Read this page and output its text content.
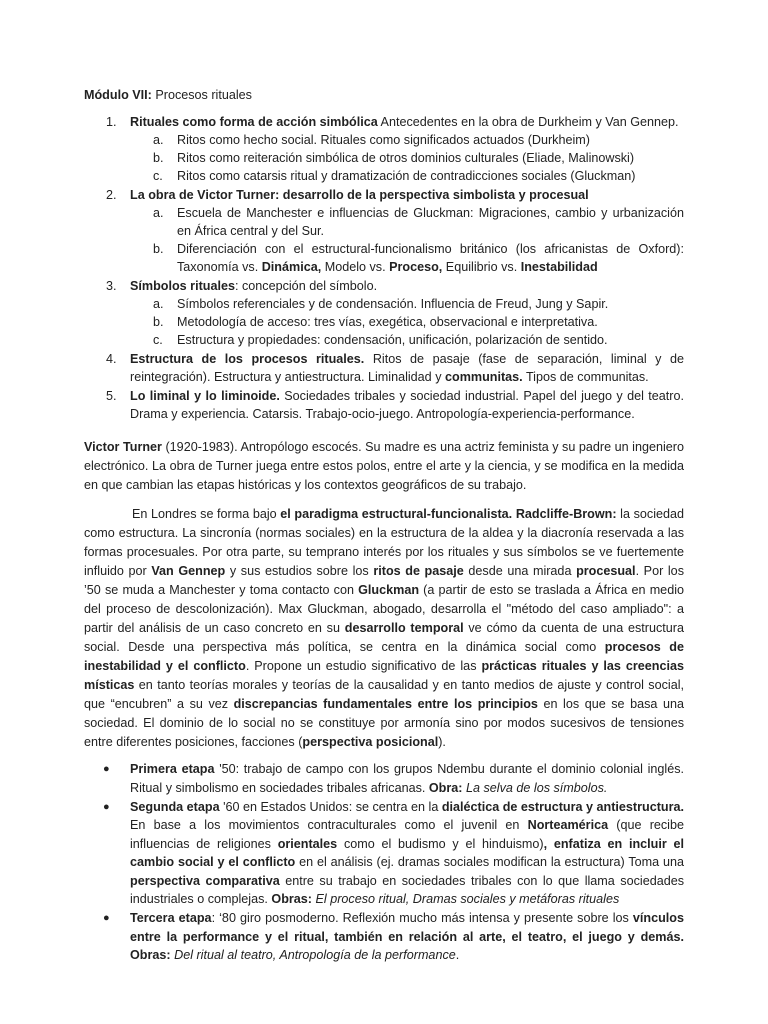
Módulo VII: Procesos rituales

1. Rituales como forma de acción simbólica Antecedentes en la obra de Durkheim y Van Gennep.
a. Ritos como hecho social. Rituales como significados actuados (Durkheim)
b. Ritos como reiteración simbólica de otros dominios culturales (Eliade, Malinowski)
c. Ritos como catarsis ritual y dramatización de contradicciones sociales (Gluckman)
2. La obra de Victor Turner: desarrollo de la perspectiva simbolista y procesual
a. Escuela de Manchester e influencias de Gluckman: Migraciones, cambio y urbanización en África central y del Sur.
b. Diferenciación con el estructural-funcionalismo británico (los africanistas de Oxford): Taxonomía vs. Dinámica, Modelo vs. Proceso, Equilibrio vs. Inestabilidad
3. Símbolos rituales: concepción del símbolo.
a. Símbolos referenciales y de condensación. Influencia de Freud, Jung y Sapir.
b. Metodología de acceso: tres vías, exegética, observacional e interpretativa.
c. Estructura y propiedades: condensación, unificación, polarización de sentido.
4. Estructura de los procesos rituales. Ritos de pasaje (fase de separación, liminal y de reintegración). Estructura y antiestructura. Liminalidad y communitas. Tipos de communitas.
5. Lo liminal y lo liminoide. Sociedades tribales y sociedad industrial. Papel del juego y del teatro. Drama y experiencia. Catarsis. Trabajo-ocio-juego. Antropología-experiencia-performance.

Victor Turner (1920-1983). Antropólogo escocés. Su madre es una actriz feminista y su padre un ingeniero electrónico. La obra de Turner juega entre estos polos, entre el arte y la ciencia, y se modifica en la medida en que cambian las etapas históricas y los contextos geográficos de su trabajo.

En Londres se forma bajo el paradigma estructural-funcionalista. Radcliffe-Brown: la sociedad como estructura. La sincronía (normas sociales) en la estructura de la aldea y la diacronía reservada a las formas procesuales. Por otra parte, su temprano interés por los rituales y sus símbolos se ve fuertemente influido por Van Gennep y sus estudios sobre los ritos de pasaje desde una mirada procesual. Por los ’50 se muda a Manchester y toma contacto con Gluckman (a partir de esto se traslada a África en medio del proceso de descolonización). Max Gluckman, abogado, desarrolla el "método del caso ampliado": a partir del análisis de un caso concreto en su desarrollo temporal ve cómo da cuenta de una estructura social. Desde una perspectiva más política, se centra en la dinámica social como procesos de inestabilidad y el conflicto. Propone un estudio significativo de las prácticas rituales y las creencias místicas en tanto teorías morales y teorías de la causalidad y en tanto medios de ajuste y control social, que “encubren” a su vez discrepancias fundamentales entre los principios en los que se basa una sociedad. El dominio de lo social no se constituye por armonía sino por modos sucesivos de tensiones entre diferentes posiciones, facciones (perspectiva posicional).

● Primera etapa '50: trabajo de campo con los grupos Ndembu durante el dominio colonial inglés. Ritual y simbolismo en sociedades tribales africanas. Obra: La selva de los símbolos.
● Segunda etapa '60 en Estados Unidos: se centra en la dialéctica de estructura y antiestructura. En base a los movimientos contraculturales como el juvenil en Norteamérica (que recibe influencias de religiones orientales como el budismo y el hinduismo), enfatiza en incluir el cambio social y el conflicto en el análisis (ej. dramas sociales modifican la estructura) Toma una perspectiva comparativa entre su trabajo en sociedades tribales con lo que llama sociedades industriales o complejas. Obras: El proceso ritual, Dramas sociales y metáforas rituales
● Tercera etapa: ‘80 giro posmoderno. Reflexión mucho más intensa y presente sobre los vínculos entre la performance y el ritual, también en relación al arte, el teatro, el juego y demás. Obras: Del ritual al teatro, Antropología de la performance.
